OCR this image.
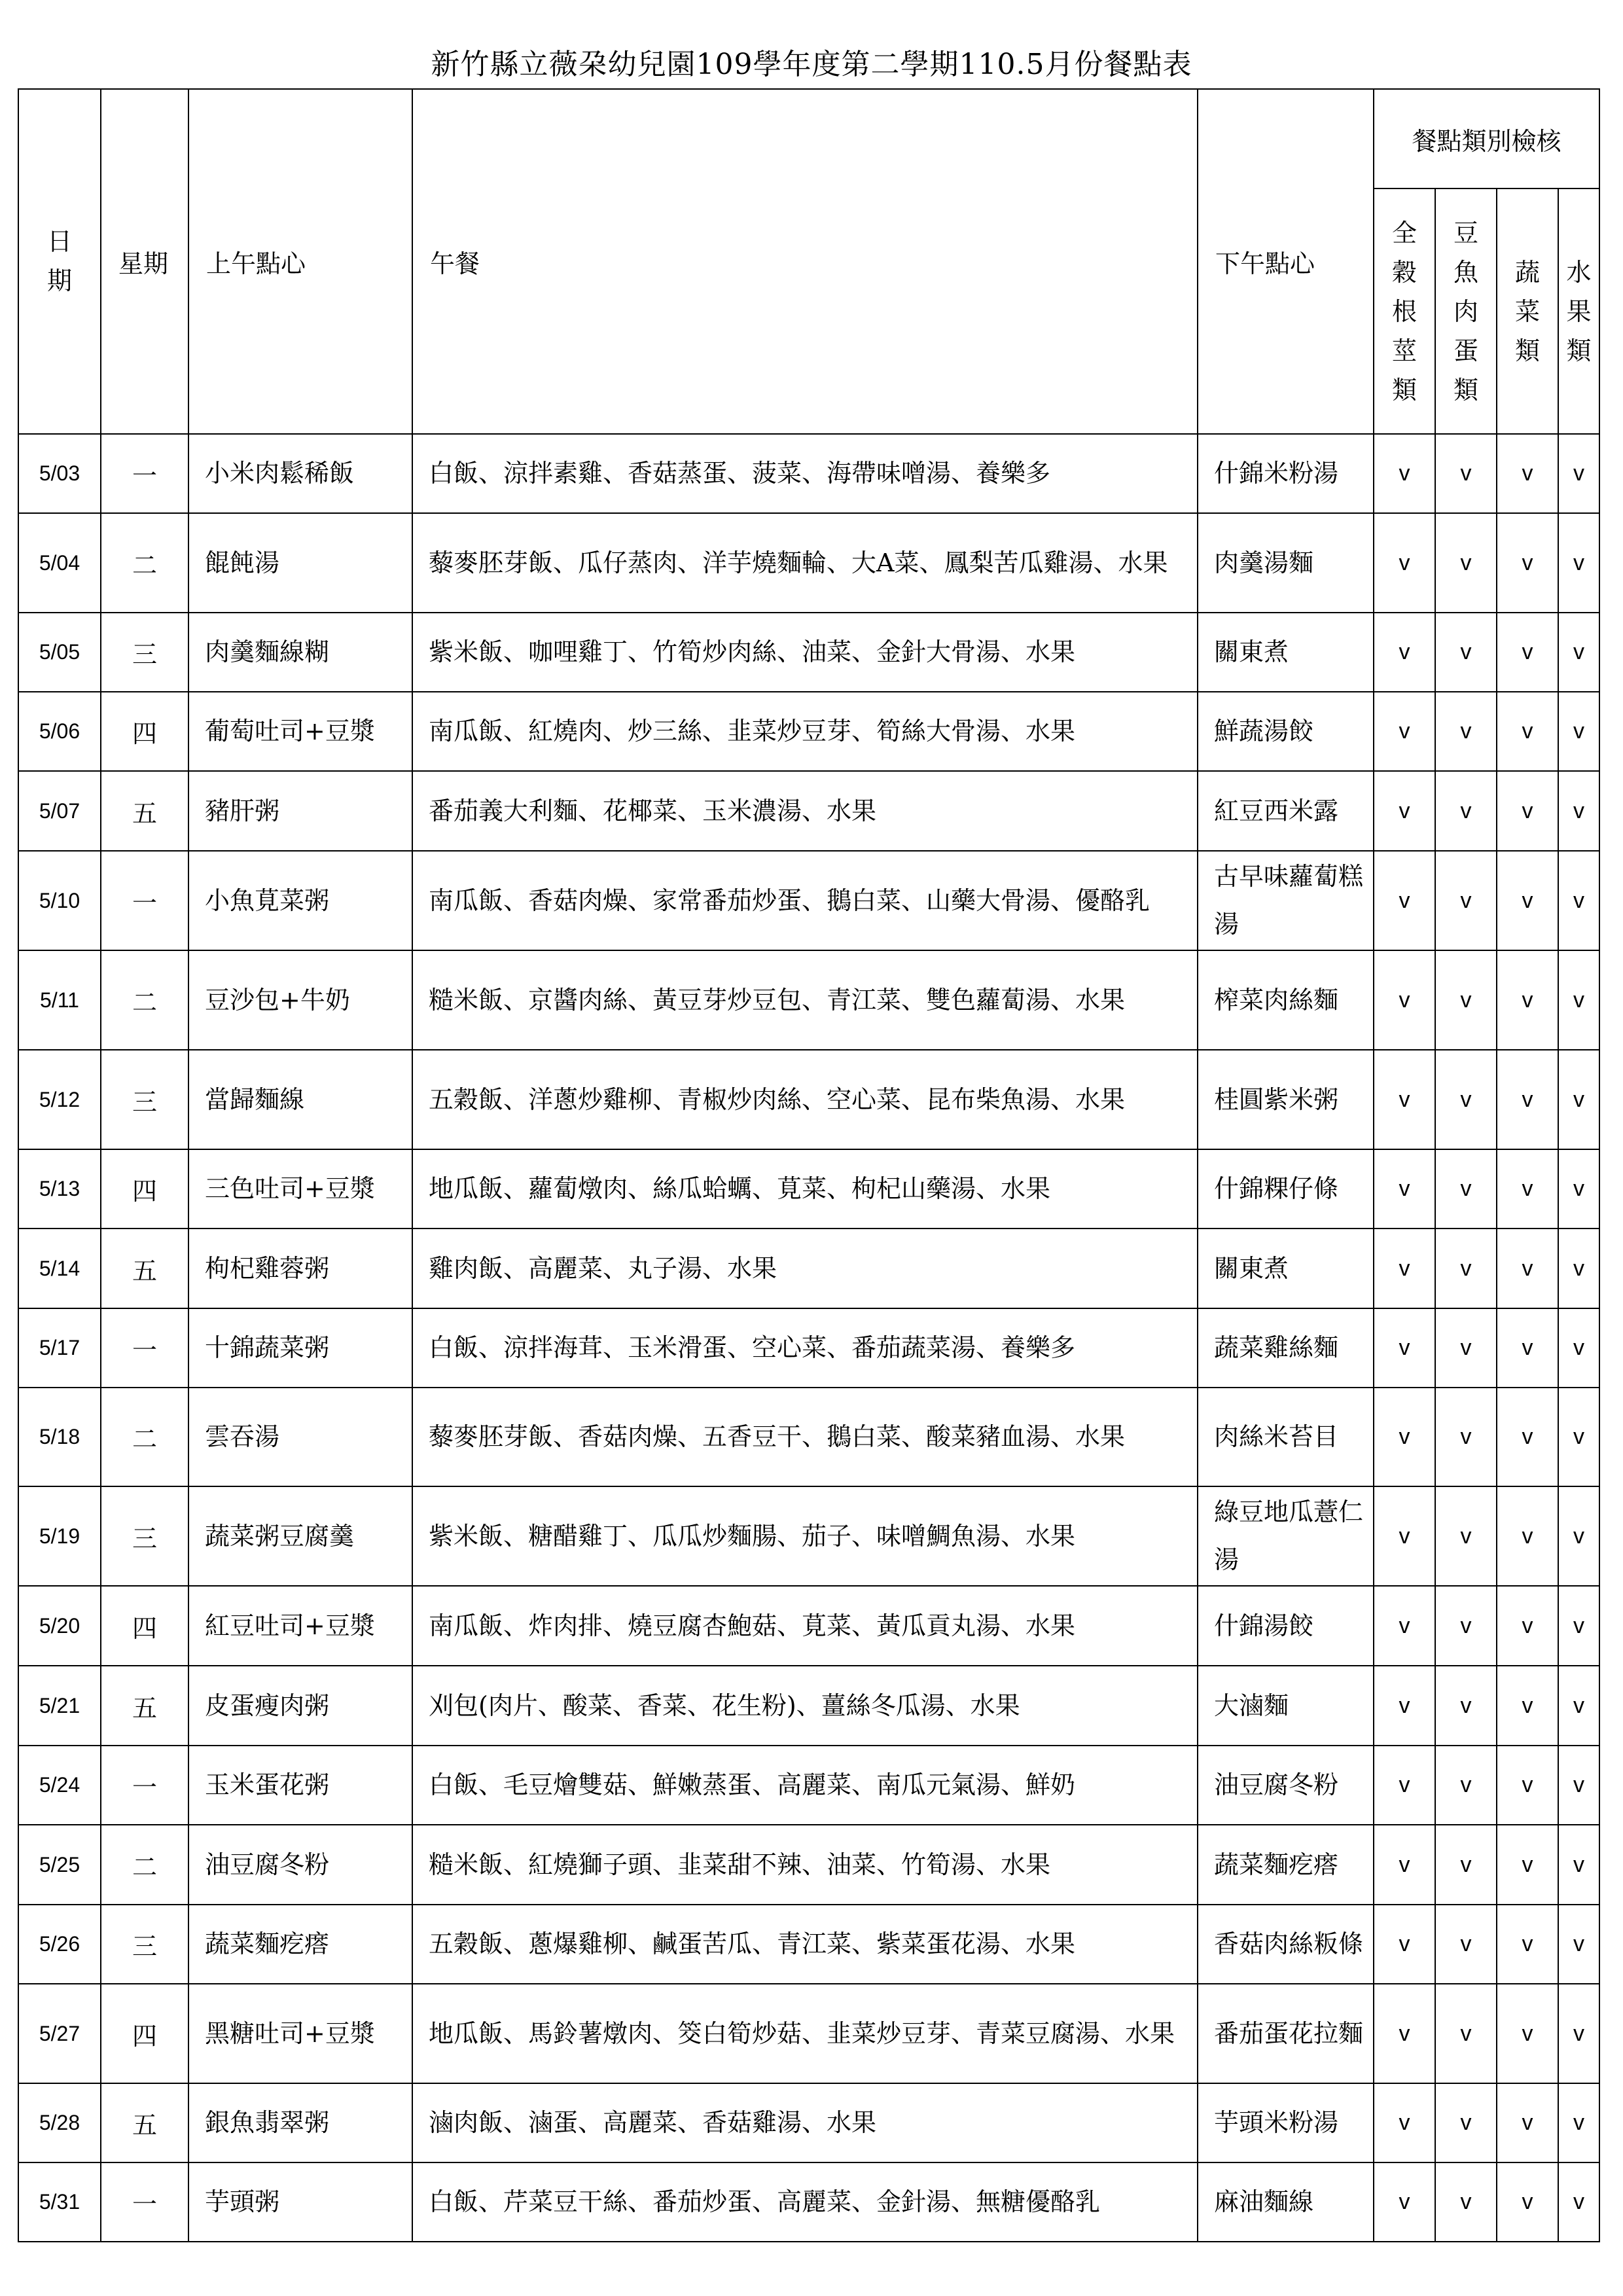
新竹縣立薇朶幼兒園109學年度第二學期110.5月份餐點表
日期	星期	上午點心	午餐	下午點心	餐點類別檢核			
					全穀根莖類	豆魚肉蛋類	蔬菜類	水果類
5/03	一	小米肉鬆稀飯	白飯、涼拌素雞、香菇蒸蛋、菠菜、海帶味噌湯、養樂多	什錦米粉湯	v	v	v	v
5/04	二	餛飩湯	藜麥胚芽飯、瓜仔蒸肉、洋芋燒麵輪、大A菜、鳳梨苦瓜雞湯、水果	肉羹湯麵	v	v	v	v
5/05	三	肉羹麵線糊	紫米飯、咖哩雞丁、竹筍炒肉絲、油菜、金針大骨湯、水果	關東煮	v	v	v	v
5/06	四	葡萄吐司+豆漿	南瓜飯、紅燒肉、炒三絲、韭菜炒豆芽、筍絲大骨湯、水果	鮮蔬湯餃	v	v	v	v
5/07	五	豬肝粥	番茄義大利麵、花椰菜、玉米濃湯、水果	紅豆西米露	v	v	v	v
5/10	一	小魚莧菜粥	南瓜飯、香菇肉燥、家常番茄炒蛋、鵝白菜、山藥大骨湯、優酪乳	古早味蘿蔔糕湯	v	v	v	v
5/11	二	豆沙包+牛奶	糙米飯、京醬肉絲、黃豆芽炒豆包、青江菜、雙色蘿蔔湯、水果	榨菜肉絲麵	v	v	v	v
5/12	三	當歸麵線	五穀飯、洋蔥炒雞柳、青椒炒肉絲、空心菜、昆布柴魚湯、水果	桂圓紫米粥	v	v	v	v
5/13	四	三色吐司+豆漿	地瓜飯、蘿蔔燉肉、絲瓜蛤蠣、莧菜、枸杞山藥湯、水果	什錦粿仔條	v	v	v	v
5/14	五	枸杞雞蓉粥	雞肉飯、高麗菜、丸子湯、水果	關東煮	v	v	v	v
5/17	一	十錦蔬菜粥	白飯、涼拌海茸、玉米滑蛋、空心菜、番茄蔬菜湯、養樂多	蔬菜雞絲麵	v	v	v	v
5/18	二	雲吞湯	藜麥胚芽飯、香菇肉燥、五香豆干、鵝白菜、酸菜豬血湯、水果	肉絲米苔目	v	v	v	v
5/19	三	蔬菜粥豆腐羹	紫米飯、糖醋雞丁、瓜瓜炒麵腸、茄子、味噌鯛魚湯、水果	綠豆地瓜薏仁湯	v	v	v	v
5/20	四	紅豆吐司+豆漿	南瓜飯、炸肉排、燒豆腐杏鮑菇、莧菜、黃瓜貢丸湯、水果	什錦湯餃	v	v	v	v
5/21	五	皮蛋瘦肉粥	刈包(肉片、酸菜、香菜、花生粉)、薑絲冬瓜湯、水果	大滷麵	v	v	v	v
5/24	一	玉米蛋花粥	白飯、毛豆燴雙菇、鮮嫩蒸蛋、高麗菜、南瓜元氣湯、鮮奶	油豆腐冬粉	v	v	v	v
5/25	二	油豆腐冬粉	糙米飯、紅燒獅子頭、韭菜甜不辣、油菜、竹筍湯、水果	蔬菜麵疙瘩	v	v	v	v
5/26	三	蔬菜麵疙瘩	五穀飯、蔥爆雞柳、鹹蛋苦瓜、青江菜、紫菜蛋花湯、水果	香菇肉絲粄條	v	v	v	v
5/27	四	黑糖吐司+豆漿	地瓜飯、馬鈴薯燉肉、筊白筍炒菇、韭菜炒豆芽、青菜豆腐湯、水果	番茄蛋花拉麵	v	v	v	v
5/28	五	銀魚翡翠粥	滷肉飯、滷蛋、高麗菜、香菇雞湯、水果	芋頭米粉湯	v	v	v	v
5/31	一	芋頭粥	白飯、芹菜豆干絲、番茄炒蛋、高麗菜、金針湯、無糖優酪乳	麻油麵線	v	v	v	v
